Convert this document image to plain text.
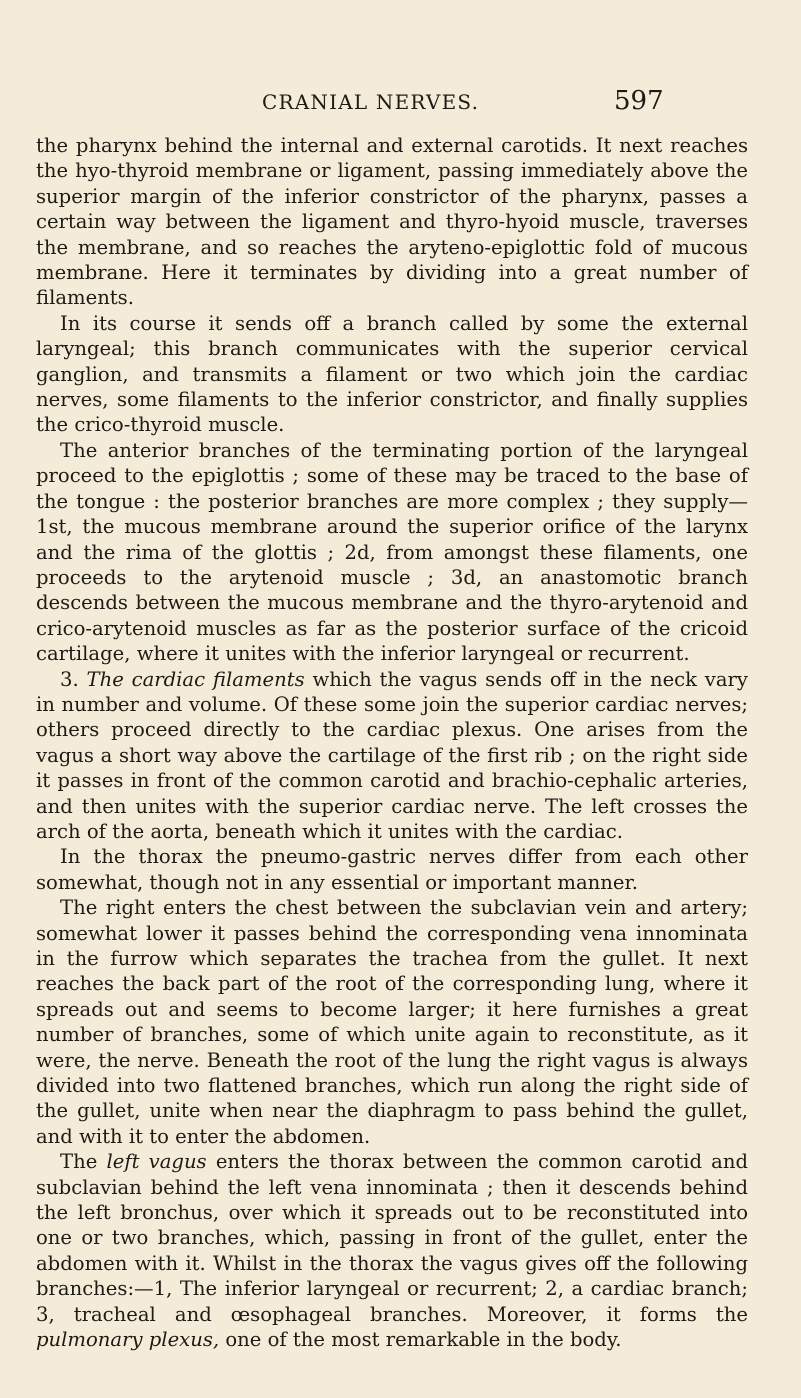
CRANIAL NERVES.	597

the pharynx behind the internal and external carotids. It next reaches the hyo-thyroid membrane or ligament, passing immediately above the superior margin of the inferior constrictor of the pharynx, passes a certain way between the ligament and thyro-hyoid muscle, traverses the membrane, and so reaches the aryteno-epiglottic fold of mucous membrane. Here it terminates by dividing into a great number of filaments.

In its course it sends off a branch called by some the external laryngeal; this branch communicates with the superior cervical ganglion, and transmits a filament or two which join the cardiac nerves, some filaments to the inferior constrictor, and finally supplies the crico-thyroid muscle.

The anterior branches of the terminating portion of the laryngeal proceed to the epiglottis ; some of these may be traced to the base of the tongue : the posterior branches are more complex ; they supply— 1st, the mucous membrane around the superior orifice of the larynx and the rima of the glottis ; 2d, from amongst these filaments, one proceeds to the arytenoid muscle ; 3d, an anastomotic branch descends between the mucous membrane and the thyro-arytenoid and crico-arytenoid muscles as far as the posterior surface of the cricoid cartilage, where it unites with the inferior laryngeal or recurrent.

3. The cardiac filaments which the vagus sends off in the neck vary in number and volume. Of these some join the superior cardiac nerves; others proceed directly to the cardiac plexus. One arises from the vagus a short way above the cartilage of the first rib ; on the right side it passes in front of the common carotid and brachio-cephalic arteries, and then unites with the superior cardiac nerve. The left crosses the arch of the aorta, beneath which it unites with the cardiac.

In the thorax the pneumo-gastric nerves differ from each other somewhat, though not in any essential or important manner.

The right enters the chest between the subclavian vein and artery; somewhat lower it passes behind the corresponding vena innominata in the furrow which separates the trachea from the gullet. It next reaches the back part of the root of the corresponding lung, where it spreads out and seems to become larger; it here furnishes a great number of branches, some of which unite again to reconstitute, as it were, the nerve. Beneath the root of the lung the right vagus is always divided into two flattened branches, which run along the right side of the gullet, unite when near the diaphragm to pass behind the gullet, and with it to enter the abdomen.

The left vagus enters the thorax between the common carotid and subclavian behind the left vena innominata ; then it descends behind the left bronchus, over which it spreads out to be reconstituted into one or two branches, which, passing in front of the gullet, enter the abdomen with it. Whilst in the thorax the vagus gives off the following branches:—1, The inferior laryngeal or recurrent; 2, a cardiac branch; 3, tracheal and œsophageal branches. Moreover, it forms the pulmonary plexus, one of the most remarkable in the body.
